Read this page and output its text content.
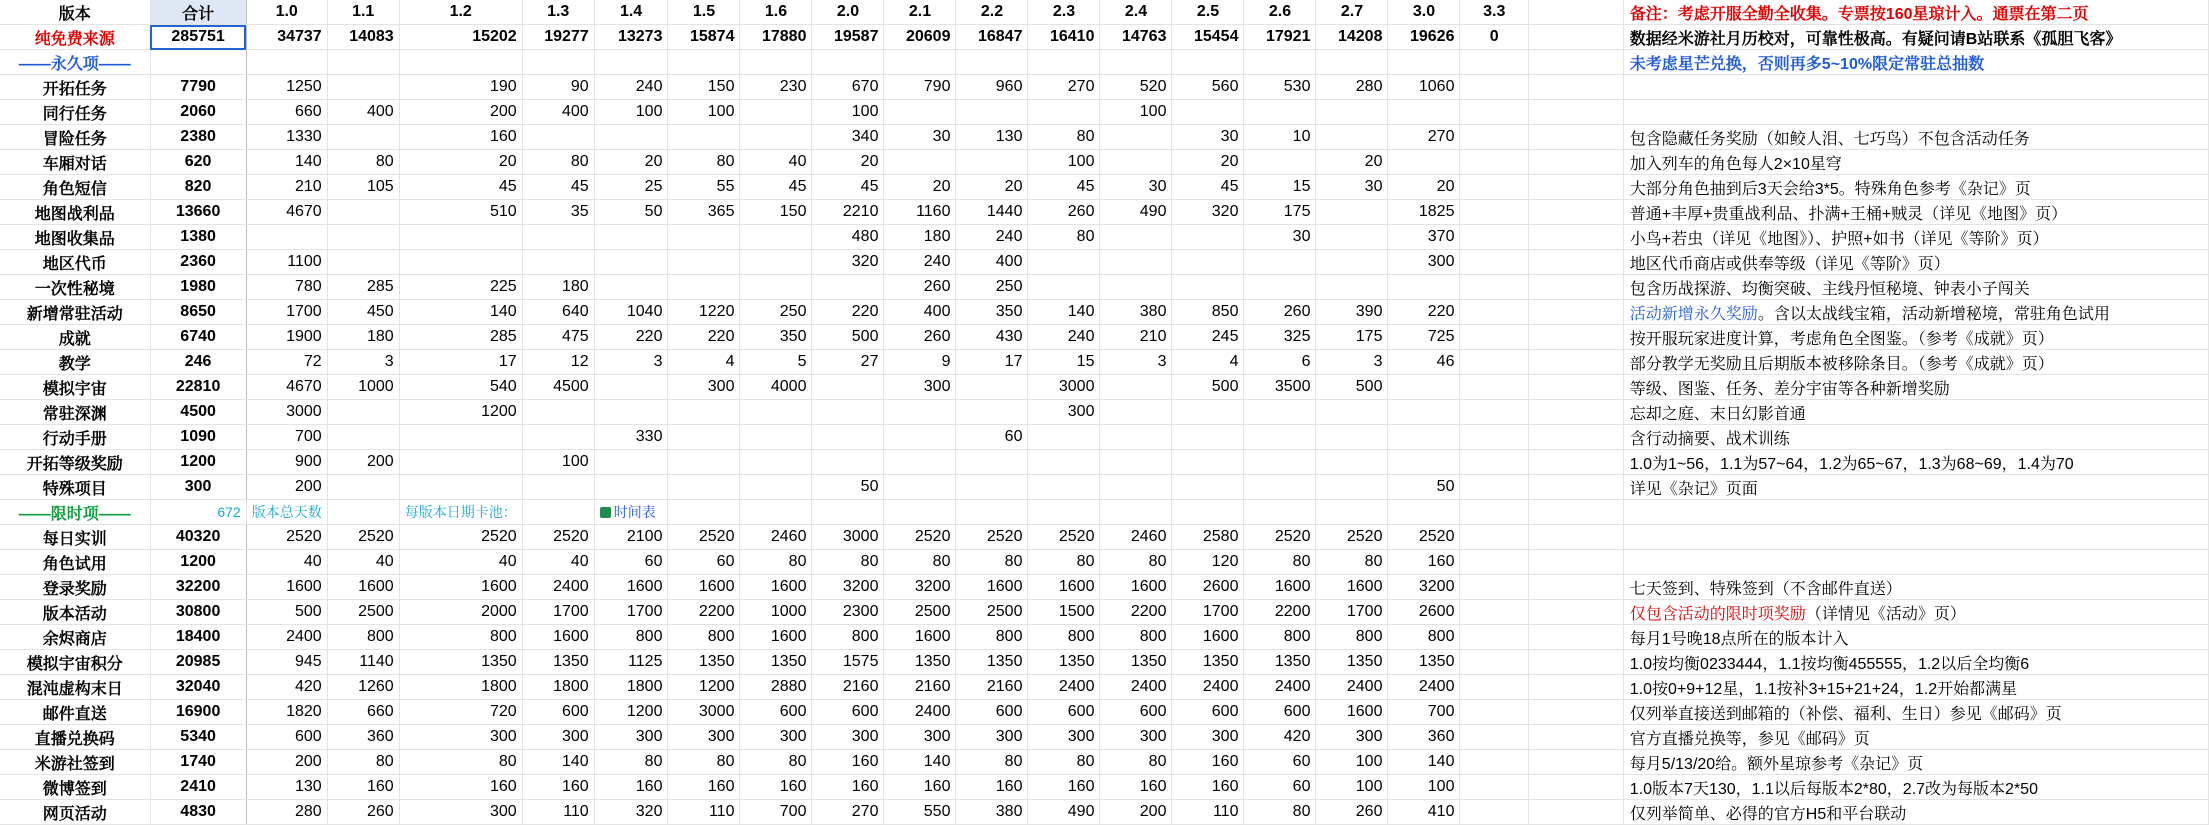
版本	合计	1.0	1.1	1.2	1.3	1.4	1.5	1.6	2.0	2.1	2.2	2.3	2.4	2.5	2.6	2.7	3.0	3.3		备注：考虑开服全勤全收集。专票按160星琼计入。通票在第二页
纯免费来源	285751	34737	14083	15202	19277	13273	15874	17880	19587	20609	16847	16410	14763	15454	17921	14208	19626	0		数据经米游社月历校对，可靠性极高。有疑问请B站联系《孤胆飞客》
——永久项——																				未考虑星芒兑换，否则再多5~10%限定常驻总抽数
开拓任务	7790	1250		190	90	240	150	230	670	790	960	270	520	560	530	280	1060			
同行任务	2060	660	400	200	400	100	100		100				100							
冒险任务	2380	1330		160					340	30	130	80		30	10		270			包含隐藏任务奖励（如鲛人泪、七巧鸟）不包含活动任务
车厢对话	620	140	80	20	80	20	80	40	20			100		20		20				加入列车的角色每人2×10星穹
角色短信	820	210	105	45	45	25	55	45	45	20	20	45	30	45	15	30	20			大部分角色抽到后3天会给3*5。特殊角色参考《杂记》页
地图战利品	13660	4670		510	35	50	365	150	2210	1160	1440	260	490	320	175		1825			普通+丰厚+贵重战利品、扑满+王桶+贼灵（详见《地图》页）
地图收集品	1380								480	180	240	80			30		370			小鸟+若虫（详见《地图》）、护照+如书（详见《等阶》页）
地区代币	2360	1100							320	240	400						300			地区代币商店或供奉等级（详见《等阶》页）
一次性秘境	1980	780	285	225	180					260	250									包含历战探游、均衡突破、主线丹恒秘境、钟表小子闯关
新增常驻活动	8650	1700	450	140	640	1040	1220	250	220	400	350	140	380	850	260	390	220			活动新增永久奖励。含以太战线宝箱，活动新增秘境，常驻角色试用
成就	6740	1900	180	285	475	220	220	350	500	260	430	240	210	245	325	175	725			按开服玩家进度计算，考虑角色全图鉴。（参考《成就》页）
教学	246	72	3	17	12	3	4	5	27	9	17	15	3	4	6	3	46			部分教学无奖励且后期版本被移除条目。（参考《成就》页）
模拟宇宙	22810	4670	1000	540	4500		300	4000		300		3000		500	3500	500				等级、图鉴、任务、差分宇宙等各种新增奖励
常驻深渊	4500	3000		1200								300								忘却之庭、末日幻影首通
行动手册	1090	700				330					60									含行动摘要、战术训练
开拓等级奖励	1200	900	200		100															1.0为1~56，1.1为57~64，1.2为65~67，1.3为68~69，1.4为70
特殊项目	300	200							50								50			详见《杂记》页面
——限时项——	672	版本总天数		每版本日期卡池：		时间表														
每日实训	40320	2520	2520	2520	2520	2100	2520	2460	3000	2520	2520	2520	2460	2580	2520	2520	2520			
角色试用	1200	40	40	40	40	60	60	80	80	80	80	80	80	120	80	80	160			
登录奖励	32200	1600	1600	1600	2400	1600	1600	1600	3200	3200	1600	1600	1600	2600	1600	1600	3200			七天签到、特殊签到（不含邮件直送）
版本活动	30800	500	2500	2000	1700	1700	2200	1000	2300	2500	2500	1500	2200	1700	2200	1700	2600			仅包含活动的限时项奖励（详情见《活动》页）
余烬商店	18400	2400	800	800	1600	800	800	1600	800	1600	800	800	800	1600	800	800	800			每月1号晚18点所在的版本计入
模拟宇宙积分	20985	945	1140	1350	1350	1125	1350	1350	1575	1350	1350	1350	1350	1350	1350	1350	1350			1.0按均衡0233444，1.1按均衡455555，1.2以后全均衡6
混沌虚构末日	32040	420	1260	1800	1800	1800	1200	2880	2160	2160	2160	2400	2400	2400	2400	2400	2400			1.0按0+9+12星，1.1按补3+15+21+24，1.2开始都满星
邮件直送	16900	1820	660	720	600	1200	3000	600	600	2400	600	600	600	600	600	1600	700			仅列举直接送到邮箱的（补偿、福利、生日）参见《邮码》页
直播兑换码	5340	600	360	300	300	300	300	300	300	300	300	300	300	300	420	300	360			官方直播兑换等，参见《邮码》页
米游社签到	1740	200	80	80	140	80	80	80	160	140	80	80	80	160	60	100	140			每月5/13/20给。额外星琼参考《杂记》页
微博签到	2410	130	160	160	160	160	160	160	160	160	160	160	160	160	60	100	100			1.0版本7天130，1.1以后每版本2*80，2.7改为每版本2*50
网页活动	4830	280	260	300	110	320	110	700	270	550	380	490	200	110	80	260	410			仅列举简单、必得的官方H5和平台联动
